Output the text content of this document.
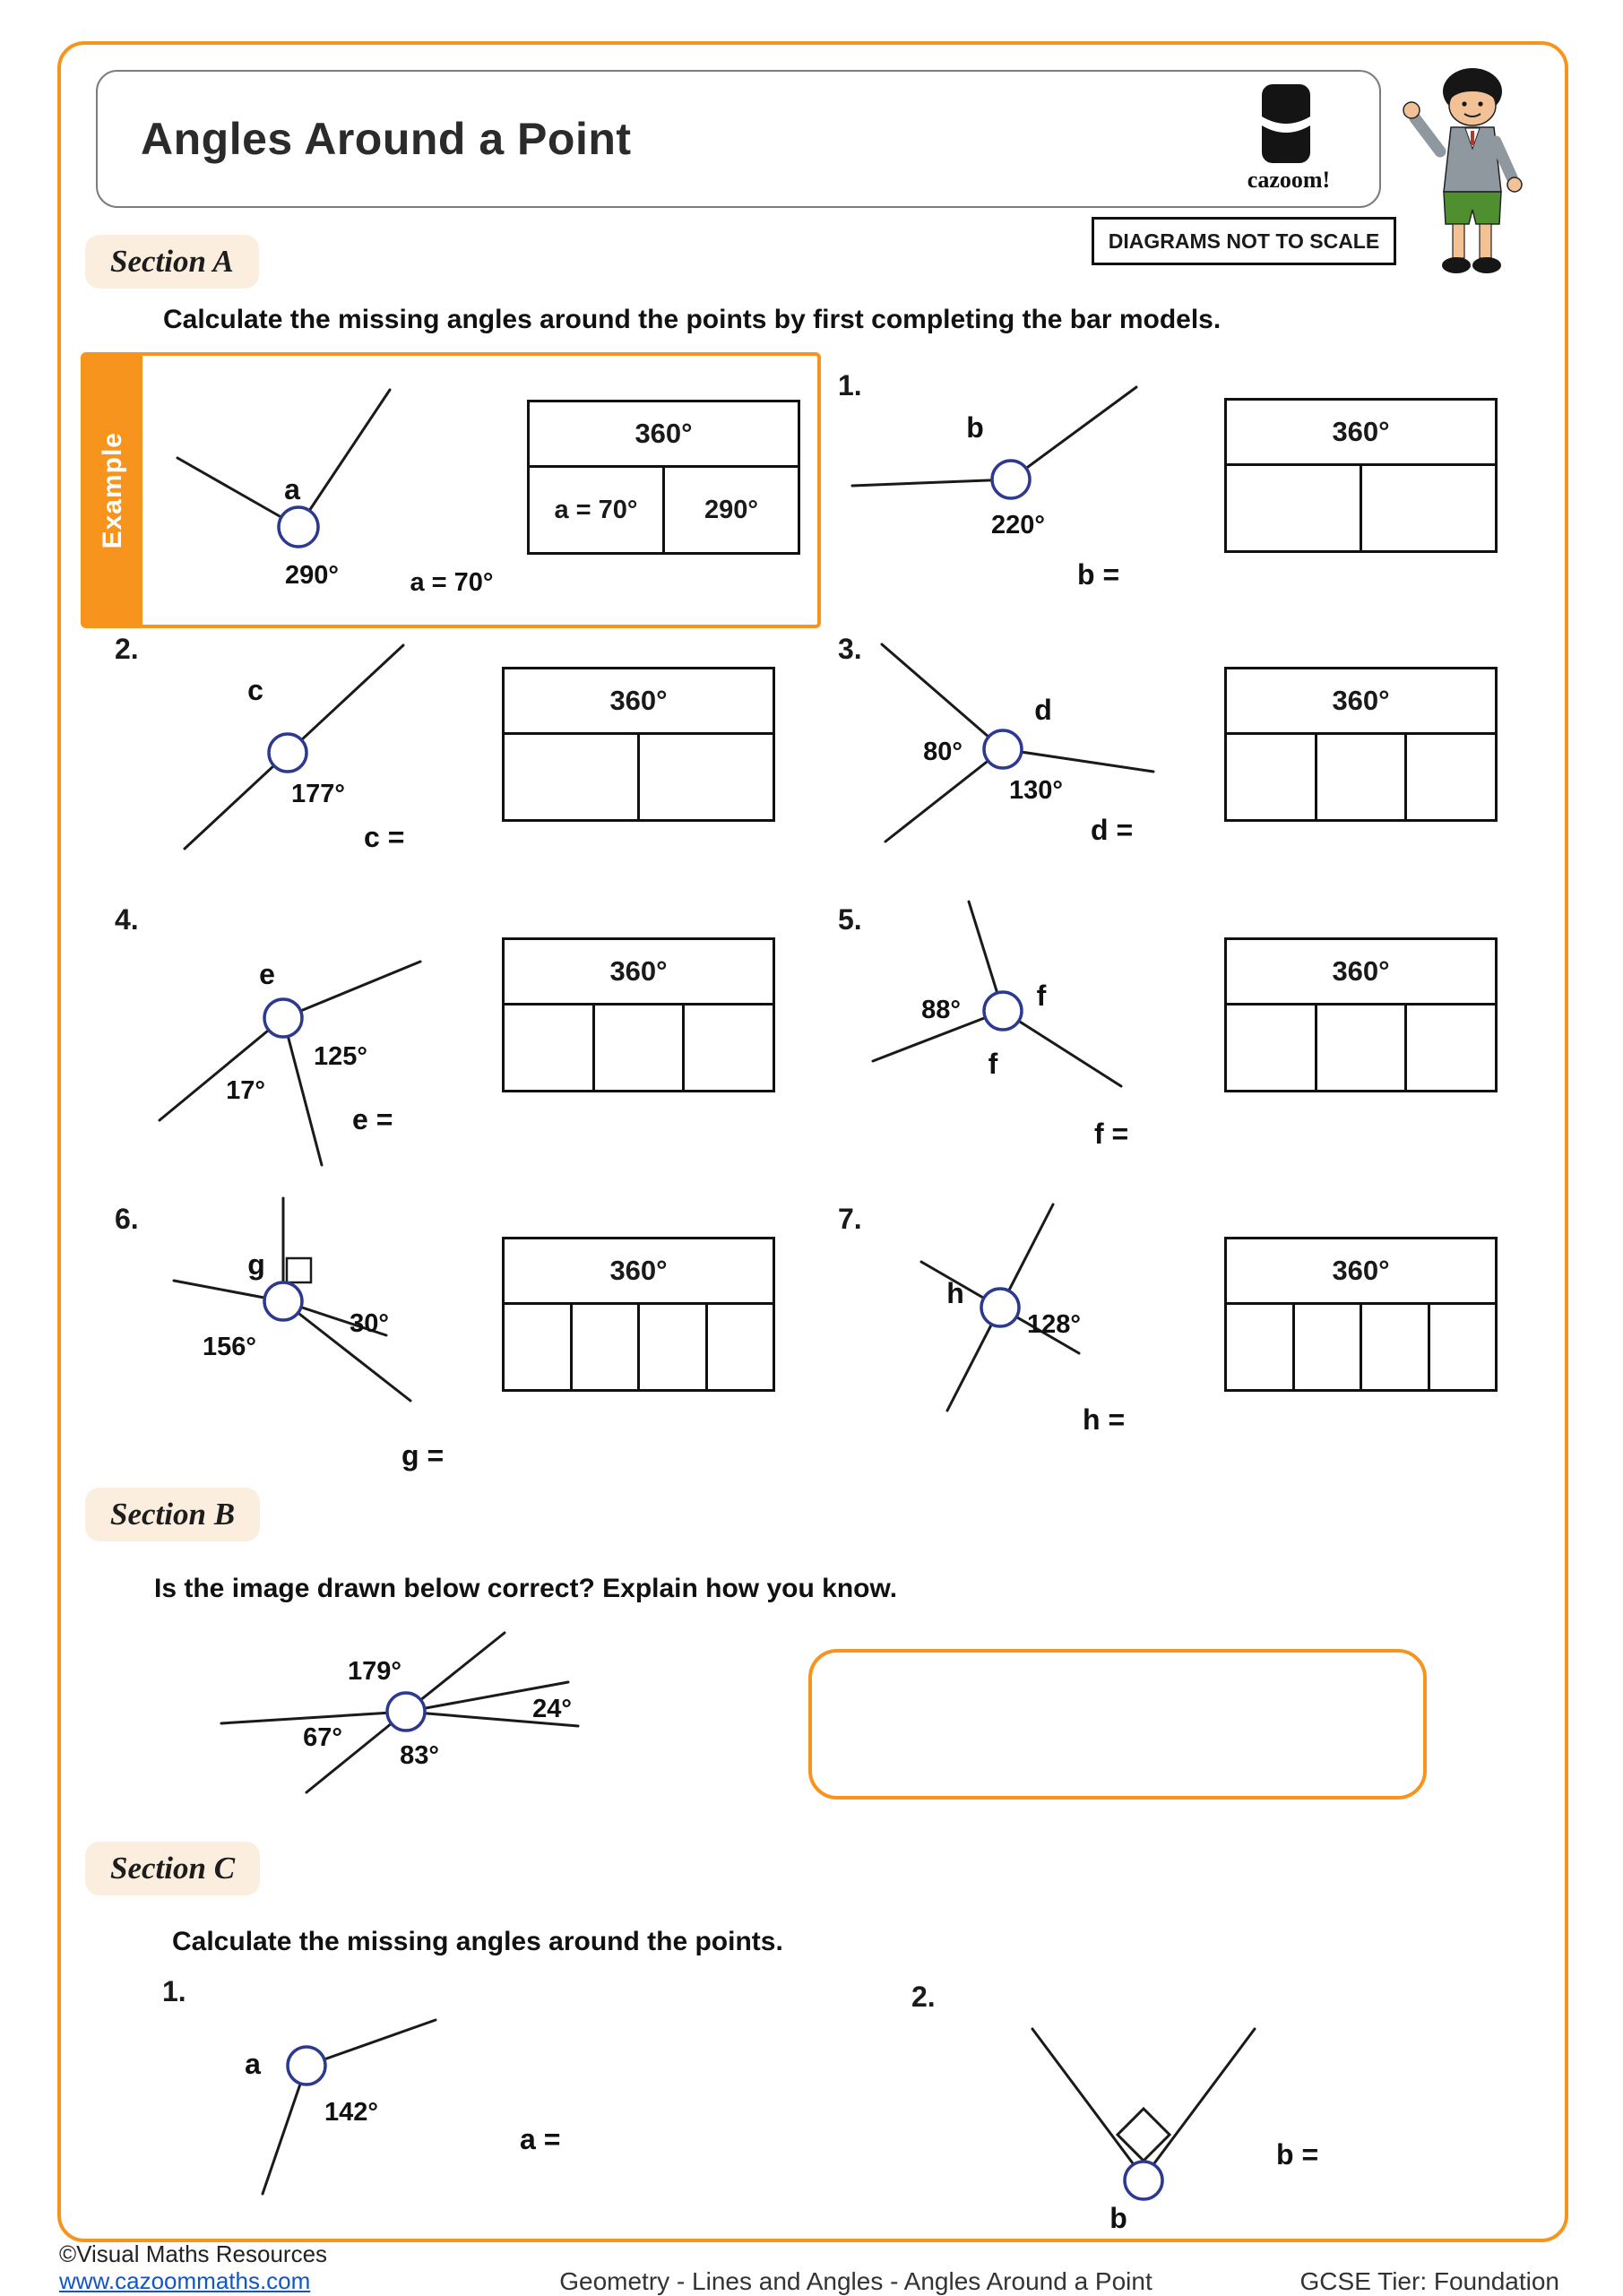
Angles Around a Point
cazoom!
DIAGRAMS NOT TO SCALE
Section A
Calculate the missing angles around the points by first completing the bar models.
Example	a
290°	a = 70°
360°
a = 70°	290°
1.
b
220°
b =
360°
2.
c
177°
c =
360°
3.
d
80°
130°
d =
360°
4.
e
125°
17°
e =
360°
5.
88°	f
f
f =
360°
6.
g
30°
156°
g =
360°
7.
h
128°
h =
360°
Section B
Is the image drawn below correct? Explain how you know.
179°
24°
67°
83°
Section C
Calculate the missing angles around the points.
1.
a
142°
a =
2.
b
b =
©Visual Maths Resources
www.cazoommaths.com	Geometry - Lines and Angles - Angles Around a Point	GCSE Tier: Foundation
